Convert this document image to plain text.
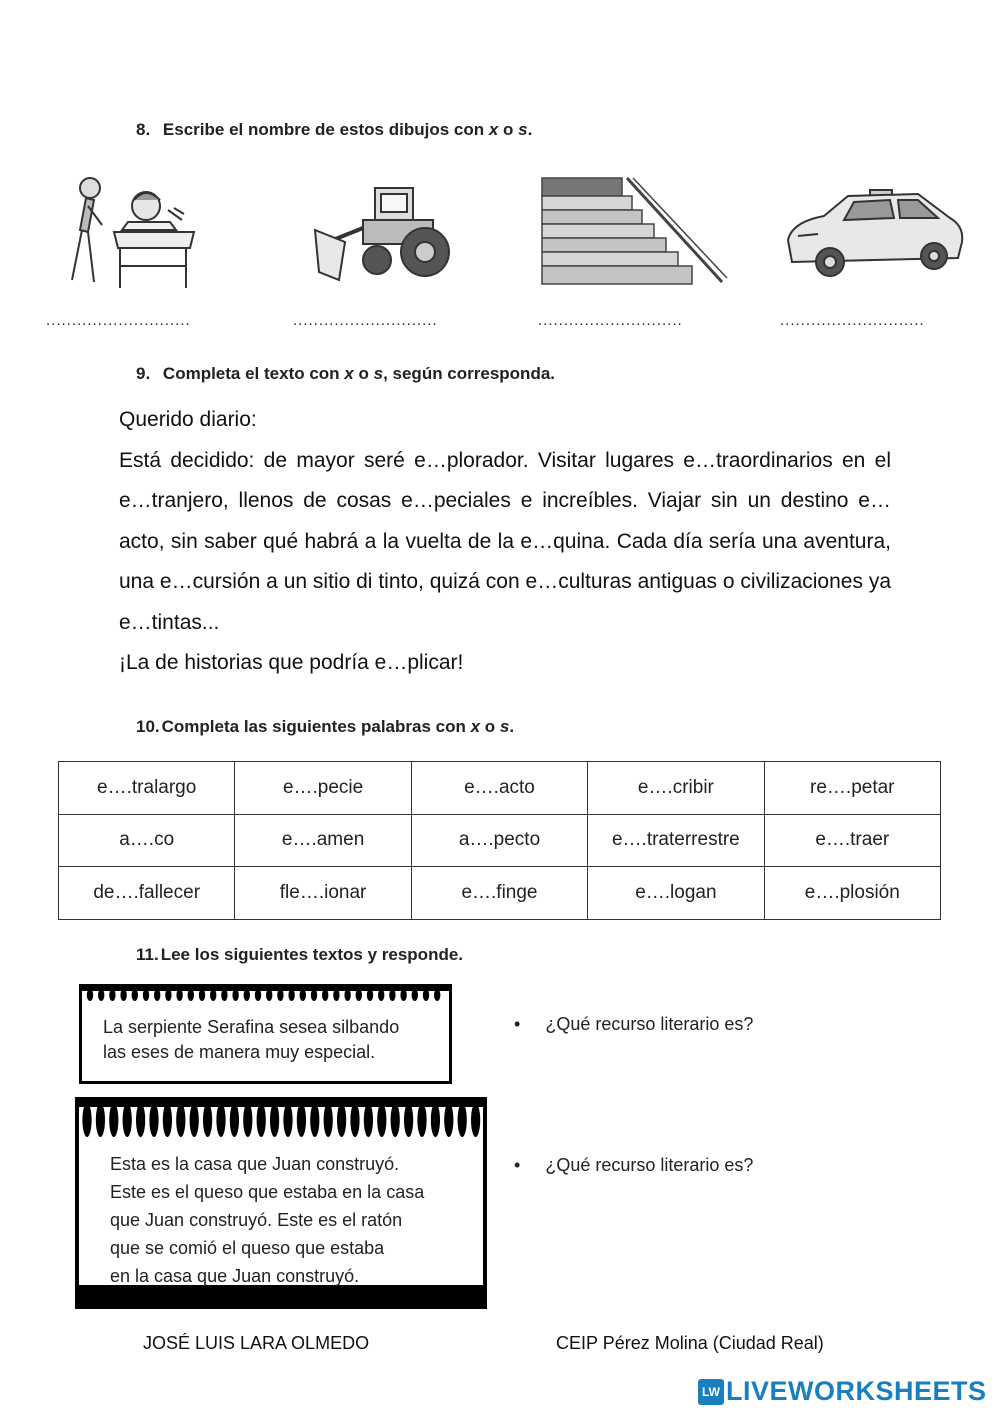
8. Escribe el nombre de estos dibujos con x o s.
............................	............................	............................	............................
9. Completa el texto con x o s, según corresponda.

Querido diario:

Está decidido: de mayor seré e…plorador. Visitar lugares e…traordinarios en el e…tranjero, llenos de cosas e…peciales e increíbles. Viajar sin un destino e…acto, sin saber qué habrá a la vuelta de la e…quina. Cada día sería una aventura, una e…cursión a un sitio di tinto, quizá con e…culturas antiguas o civilizaciones ya e…tintas...

¡La de historias que podría e…plicar!

10. Completa las siguientes palabras con x o s.
e….tralargo	e….pecie	e….acto	e….cribir	re….petar
a….co	e….amen	a….pecto	e….traterrestre	e….traer
de….fallecer	fle….ionar	e….finge	e….logan	e….plosión
11. Lee los siguientes textos y responde.
La serpiente Serafina sesea silbando
las eses de manera muy especial.
Esta es la casa que Juan construyó.
Este es el queso que estaba en la casa
que Juan construyó. Este es el ratón
que se comió el queso que estaba
en la casa que Juan construyó.
• ¿Qué recurso literario es?
• ¿Qué recurso literario es?
JOSÉ LUIS LARA OLMEDO	CEIP Pérez Molina (Ciudad Real)
LW LIVEWORKSHEETS
